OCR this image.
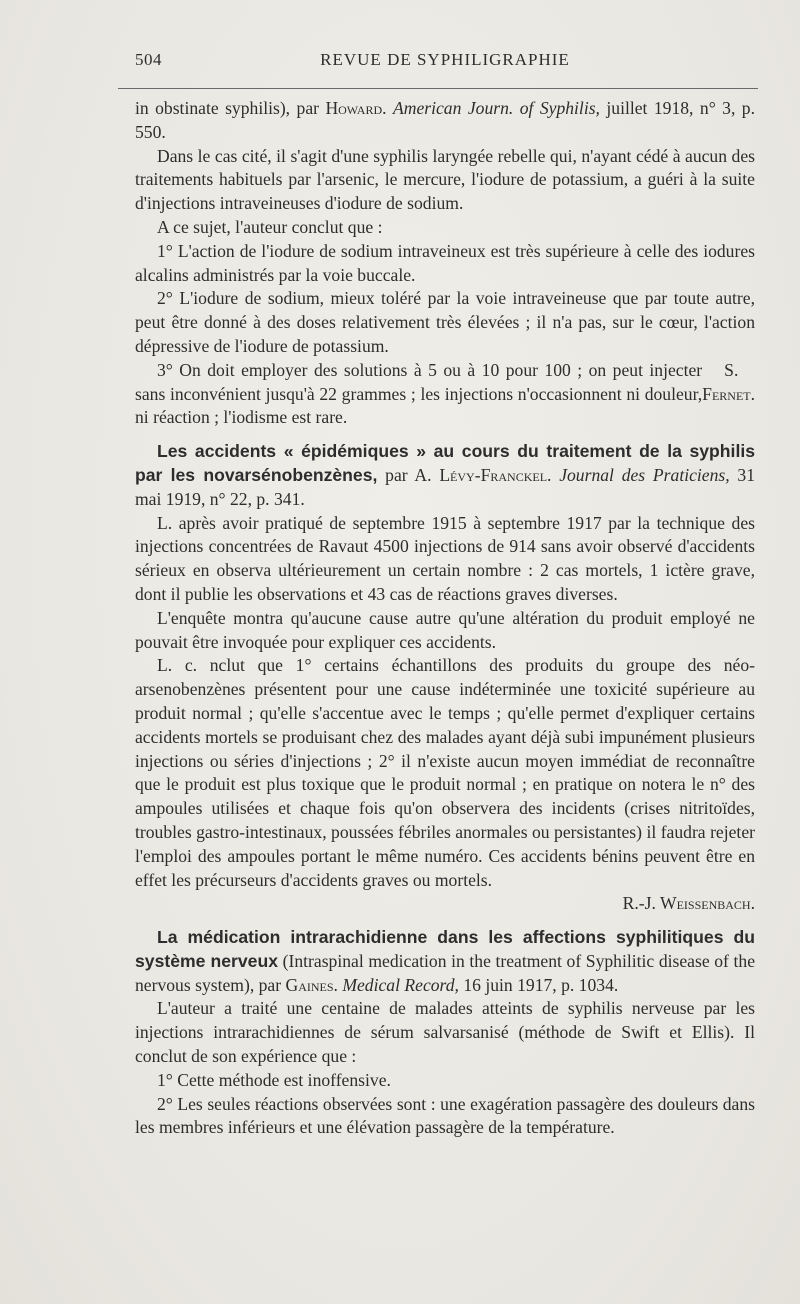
504	REVUE DE SYPHILIGRAPHIE

in obstinate syphilis), par Howard. American Journ. of Syphilis, juillet 1918, n° 3, p. 550.

Dans le cas cité, il s'agit d'une syphilis laryngée rebelle qui, n'ayant cédé à aucun des traitements habituels par l'arsenic, le mercure, l'iodure de potassium, a guéri à la suite d'injections intraveineuses d'iodure de sodium.

A ce sujet, l'auteur conclut que :

1° L'action de l'iodure de sodium intraveineux est très supérieure à celle des iodures alcalins administrés par la voie buccale.

2° L'iodure de sodium, mieux toléré par la voie intraveineuse que par toute autre, peut être donné à des doses relativement très élevées ; il n'a pas, sur le cœur, l'action dépressive de l'iodure de potassium.

3° On doit employer des solutions à 5 ou à 10 pour 100 ; on peut injecter sans inconvénient jusqu'à 22 grammes ; les injections n'occasionnent ni douleur, ni réaction ; l'iodisme est rare.
S. Fernet.

Les accidents « épidémiques » au cours du traitement de la syphilis par les novarsénobenzènes, par A. Lévy-Franckel. Journal des Praticiens, 31 mai 1919, n° 22, p. 341.

L. après avoir pratiqué de septembre 1915 à septembre 1917 par la technique des injections concentrées de Ravaut 4500 injections de 914 sans avoir observé d'accidents sérieux en observa ultérieurement un certain nombre : 2 cas mortels, 1 ictère grave, dont il publie les observations et 43 cas de réactions graves diverses.

L'enquête montra qu'aucune cause autre qu'une altération du produit employé ne pouvait être invoquée pour expliquer ces accidents.

L. c. nclut que 1° certains échantillons des produits du groupe des néo-arsenobenzènes présentent pour une cause indéterminée une toxicité supérieure au produit normal ; qu'elle s'accentue avec le temps ; qu'elle permet d'expliquer certains accidents mortels se produisant chez des malades ayant déjà subi impunément plusieurs injections ou séries d'injections ; 2° il n'existe aucun moyen immédiat de reconnaître que le produit est plus toxique que le produit normal ; en pratique on notera le n° des ampoules utilisées et chaque fois qu'on observera des incidents (crises nitritoïdes, troubles gastro-intestinaux, poussées fébriles anormales ou persistantes) il faudra rejeter l'emploi des ampoules portant le même numéro. Ces accidents bénins peuvent être en effet les précurseurs d'accidents graves ou mortels.

R.-J. Weissenbach.

La médication intrarachidienne dans les affections syphilitiques du système nerveux (Intraspinal medication in the treatment of Syphilitic disease of the nervous system), par Gaines. Medical Record, 16 juin 1917, p. 1034.

L'auteur a traité une centaine de malades atteints de syphilis nerveuse par les injections intrarachidiennes de sérum salvarsanisé (méthode de Swift et Ellis). Il conclut de son expérience que :

1° Cette méthode est inoffensive.

2° Les seules réactions observées sont : une exagération passagère des douleurs dans les membres inférieurs et une élévation passagère de la température.
